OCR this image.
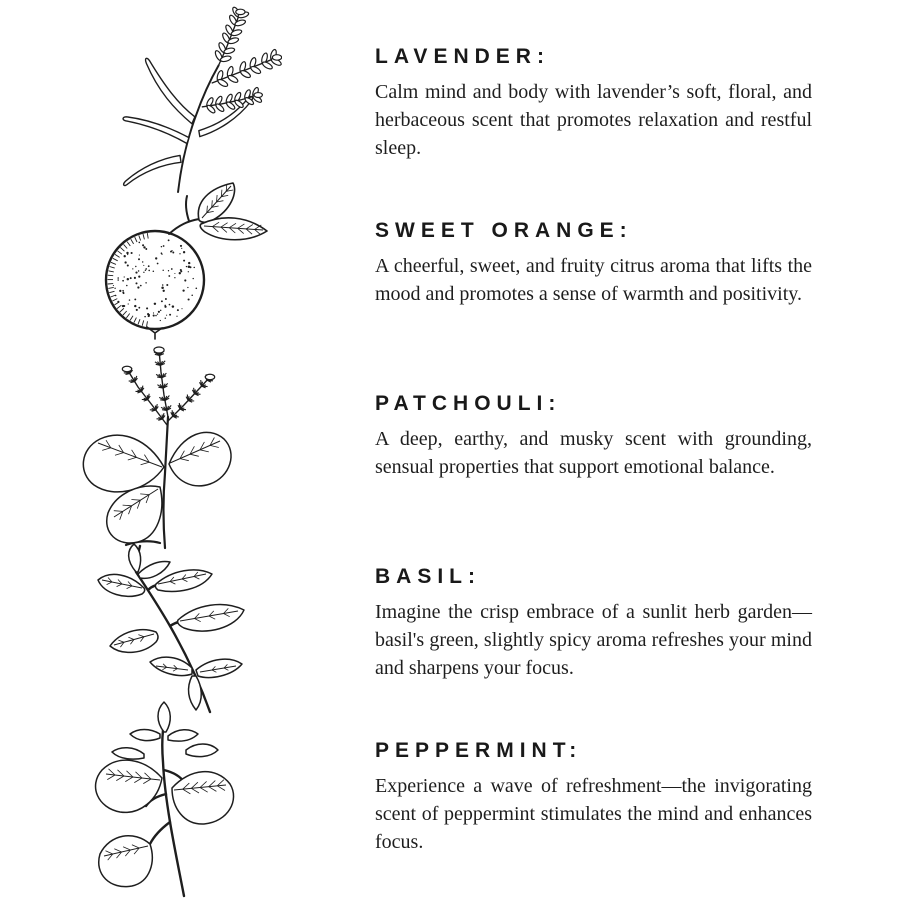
LAVENDER:

Calm mind and body with lavender’s soft, floral, and herbaceous scent that promotes relaxation and restful sleep.

SWEET ORANGE:

A cheerful, sweet, and fruity citrus aroma that lifts the mood and promotes a sense of warmth and positivity.

PATCHOULI:

A deep, earthy, and musky scent with grounding, sensual properties that support emotional balance.

BASIL:

Imagine the crisp embrace of a sunlit herb garden—basil's green, slightly spicy aroma refreshes your mind and sharpens your focus.

PEPPERMINT:

Experience a wave of refreshment—the invigorating scent of peppermint stimulates the mind and enhances focus.
